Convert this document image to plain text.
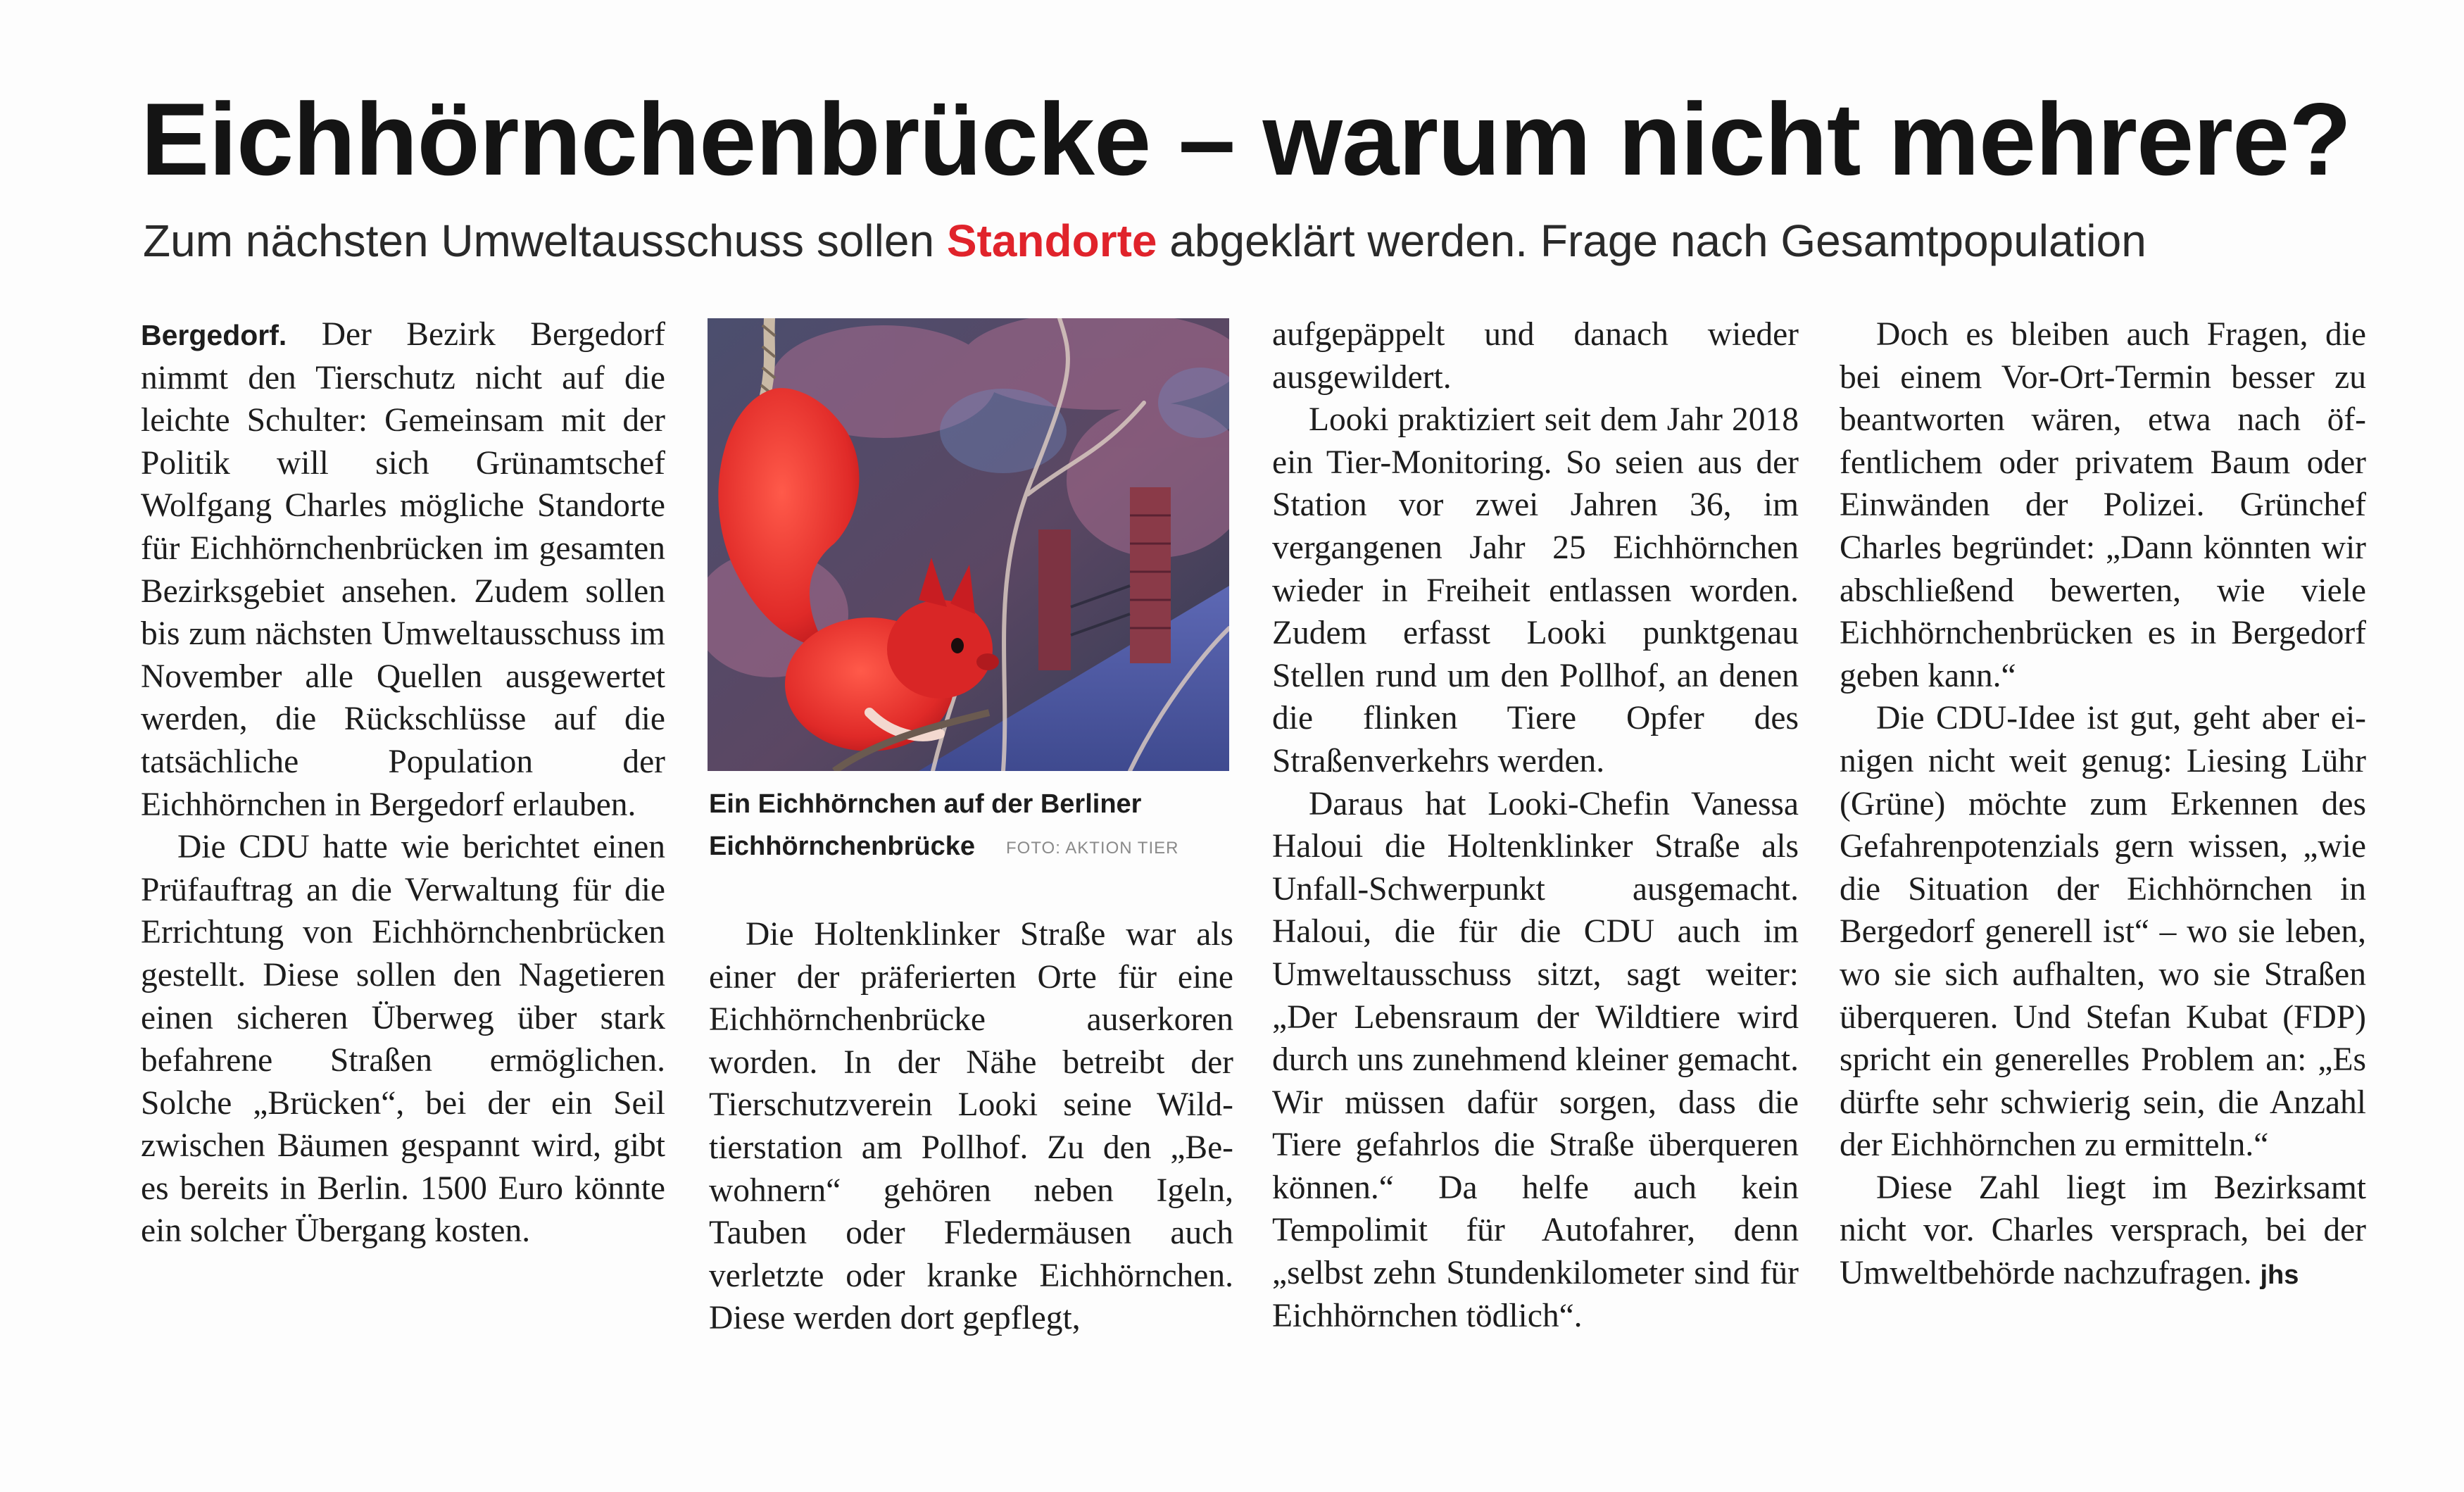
Eichhörnchenbrücke – warum nicht mehrere?

Zum nächsten Umweltausschuss sollen Standorte abgeklärt werden. Frage nach Gesamtpopulation

Bergedorf. Der Bezirk Bergedorf nimmt den Tierschutz nicht auf die leichte Schulter: Gemeinsam mit der Politik will sich Grünamtschef Wolfgang Charles mögliche Standorte für Eichhörnchenbrücken im gesamten Bezirksgebiet ansehen. Zudem sollen bis zum nächsten Umweltausschuss im November alle Quellen ausgewertet werden, die Rückschlüsse auf die tatsächliche Population der Eichhörnchen in Bergedorf erlauben.

Die CDU hatte wie berichtet einen Prüfauftrag an die Verwaltung für die Errichtung von Eichhörnchenbrücken gestellt. Diese sollen den Nagetieren einen sicheren Überweg über stark befahrene Straßen ermöglichen. Solche „Brücken“, bei der ein Seil zwischen Bäumen gespannt wird, gibt es bereits in Berlin. 1500 Euro könnte ein solcher Übergang kosten.

Ein Eichhörnchen auf der Berliner Eichhörnchenbrücke FOTO: AKTION TIER

Die Holtenklinker Straße war als einer der präferierten Orte für eine Eichhörnchenbrücke auserkoren worden. In der Nähe betreibt der Tierschutzverein Looki seine Wildtierstation am Pollhof. Zu den „Bewohnern“ gehören neben Igeln, Tauben oder Fledermäusen auch verletzte oder kranke Eichhörnchen. Diese werden dort gepflegt,

aufgepäppelt und danach wieder ausgewildert.

Looki praktiziert seit dem Jahr 2018 ein Tier-Monitoring. So seien aus der Station vor zwei Jahren 36, im vergangenen Jahr 25 Eichhörnchen wieder in Freiheit entlassen worden. Zudem erfasst Looki punktgenau Stellen rund um den Pollhof, an denen die flinken Tiere Opfer des Straßenverkehrs werden.

Daraus hat Looki-Chefin Vanessa Haloui die Holtenklinker Straße als Unfall-Schwerpunkt ausgemacht. Haloui, die für die CDU auch im Umweltausschuss sitzt, sagt weiter: „Der Lebensraum der Wildtiere wird durch uns zunehmend kleiner gemacht. Wir müssen dafür sorgen, dass die Tiere gefahrlos die Straße überqueren können.“ Da helfe auch kein Tempolimit für Autofahrer, denn „selbst zehn Stundenkilometer sind für Eichhörnchen tödlich“.

Doch es bleiben auch Fragen, die bei einem Vor-Ort-Termin besser zu beantworten wären, etwa nach öffentlichem oder privatem Baum oder Einwänden der Polizei. Grünchef Charles begründet: „Dann könnten wir abschließend bewerten, wie viele Eichhörnchenbrücken es in Bergedorf geben kann.“

Die CDU-Idee ist gut, geht aber einigen nicht weit genug: Liesing Lühr (Grüne) möchte zum Erkennen des Gefahrenpotenzials gern wissen, „wie die Situation der Eichhörnchen in Bergedorf generell ist“ – wo sie leben, wo sie sich aufhalten, wo sie Straßen überqueren. Und Stefan Kubat (FDP) spricht ein generelles Problem an: „Es dürfte sehr schwierig sein, die Anzahl der Eichhörnchen zu ermitteln.“

Diese Zahl liegt im Bezirksamt nicht vor. Charles versprach, bei der Umweltbehörde nachzufragen. jhs
